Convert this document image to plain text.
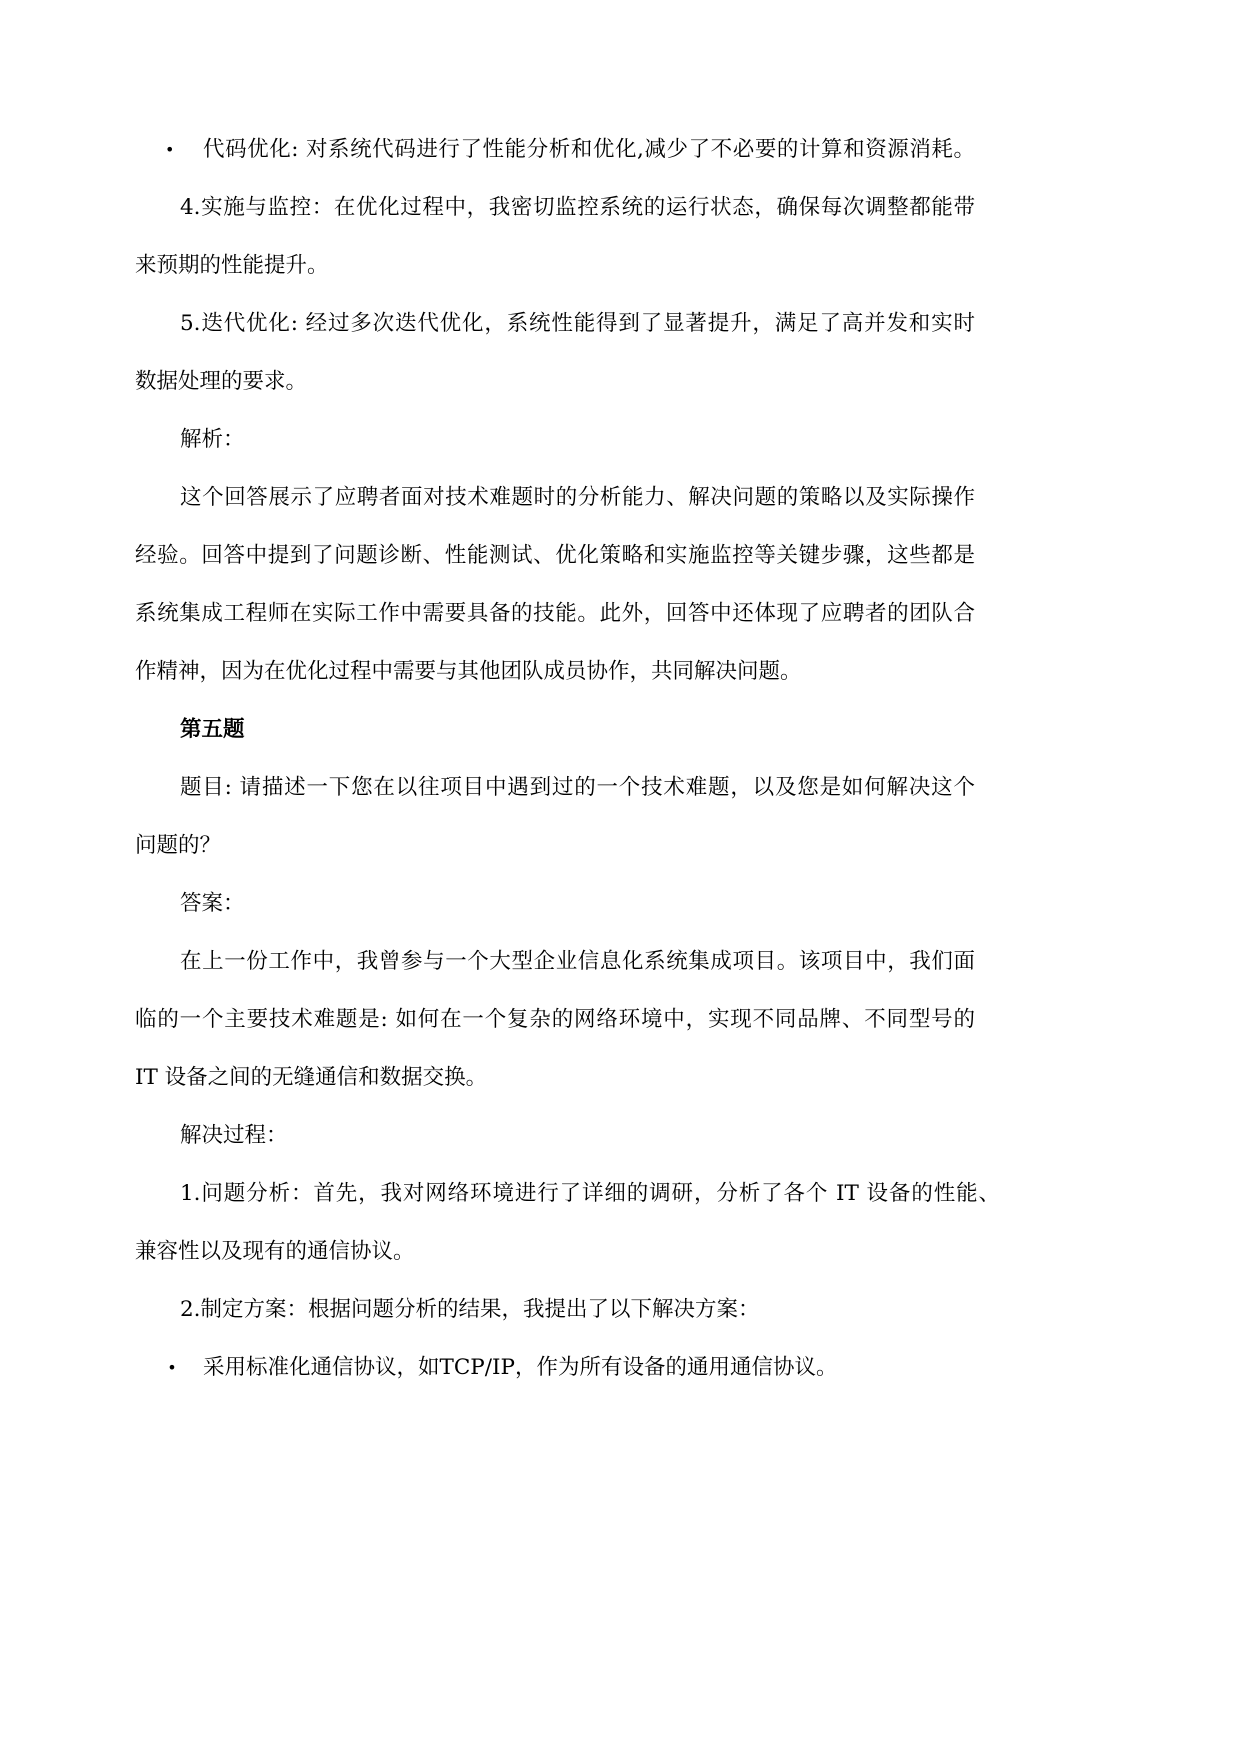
• 代码优化: 对系统代码进行了性能分析和优化,减少了不必要的计算和资源消耗。
4.实施与监控：在优化过程中，我密切监控系统的运行状态，确保每次调整都能带
来预期的性能提升。
5.迭代优化: 经过多次迭代优化，系统性能得到了显著提升，满足了高并发和实时
数据处理的要求。
解析：
这个回答展示了应聘者面对技术难题时的分析能力、解决问题的策略以及实际操作
经验。回答中提到了问题诊断、性能测试、优化策略和实施监控等关键步骤，这些都是
系统集成工程师在实际工作中需要具备的技能。此外，回答中还体现了应聘者的团队合
作精神，因为在优化过程中需要与其他团队成员协作，共同解决问题。
第五题
题目: 请描述一下您在以往项目中遇到过的一个技术难题，以及您是如何解决这个
问题的？
答案：
在上一份工作中，我曾参与一个大型企业信息化系统集成项目。该项目中，我们面
临的一个主要技术难题是: 如何在一个复杂的网络环境中，实现不同品牌、不同型号的
IT 设备之间的无缝通信和数据交换。
解决过程：
1.问题分析：首先，我对网络环境进行了详细的调研，分析了各个 IT 设备的性能、
兼容性以及现有的通信协议。
2.制定方案：根据问题分析的结果，我提出了以下解决方案：
• 采用标准化通信协议，如TCP/IP，作为所有设备的通用通信协议。
